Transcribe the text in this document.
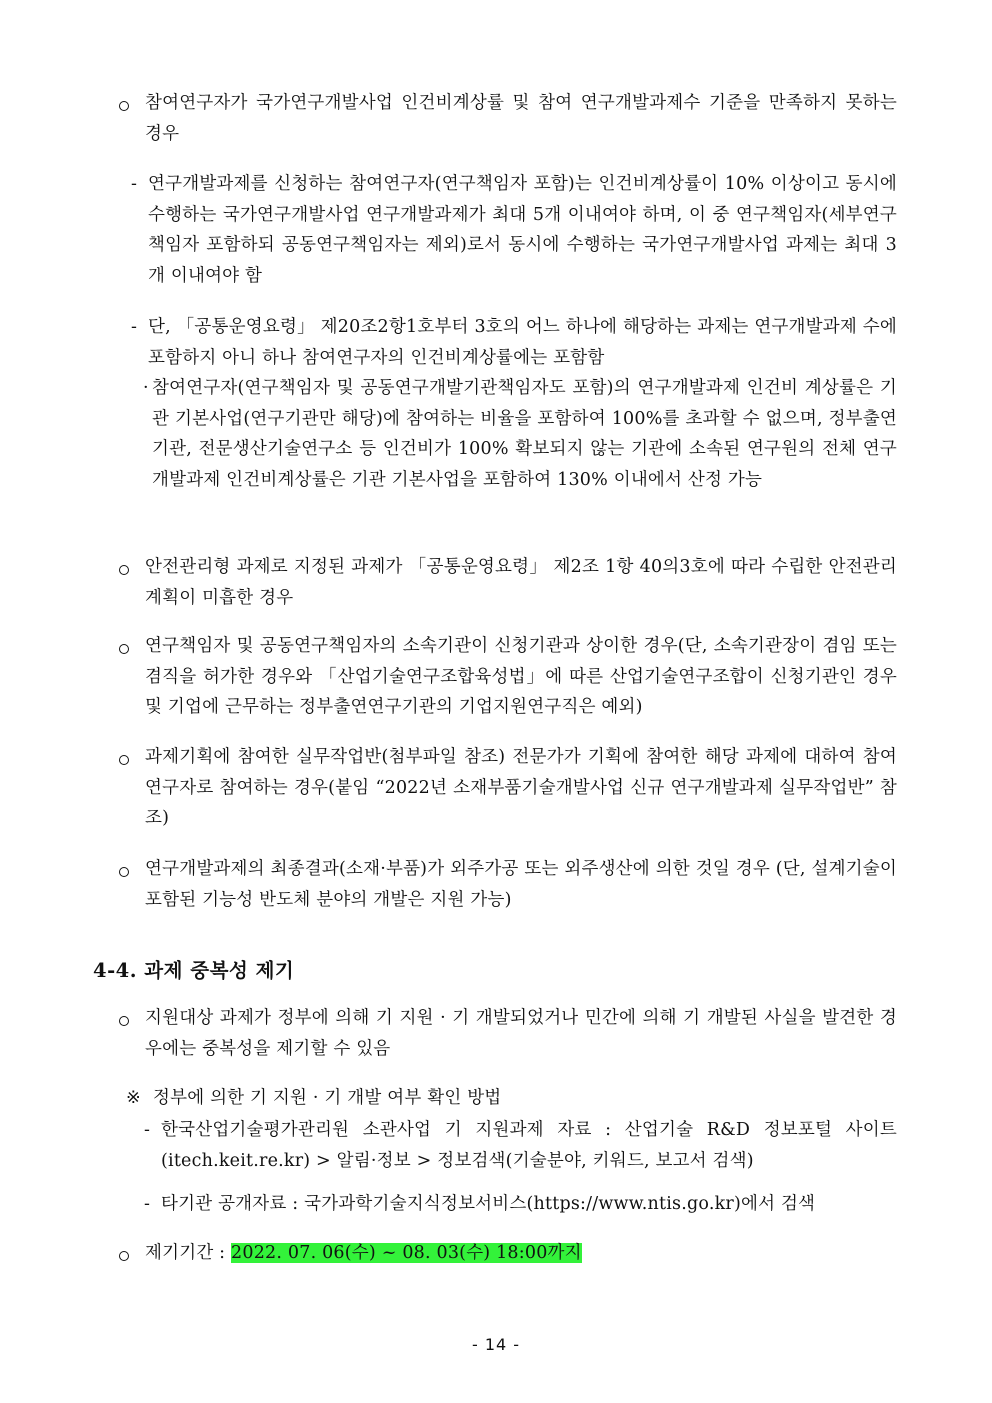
참여연구자가 국가연구개발사업 인건비계상률 및 참여 연구개발과제수 기준을 만족하지 못하는 경우

- 연구개발과제를 신청하는 참여연구자(연구책임자 포함)는 인건비계상률이 10% 이상이고 동시에 수행하는 국가연구개발사업 연구개발과제가 최대 5개 이내여야 하며, 이 중 연구책임자(세부연구책임자 포함하되 공동연구책임자는 제외)로서 동시에 수행하는 국가연구개발사업 과제는 최대 3개 이내여야 함

- 단, 「공통운영요령」 제20조2항1호부터 3호의 어느 하나에 해당하는 과제는 연구개발과제 수에 포함하지 아니 하나 참여연구자의 인건비계상률에는 포함함

· 참여연구자(연구책임자 및 공동연구개발기관책임자도 포함)의 연구개발과제 인건비 계상률은 기관 기본사업(연구기관만 해당)에 참여하는 비율을 포함하여 100%를 초과할 수 없으며, 정부출연기관, 전문생산기술연구소 등 인건비가 100% 확보되지 않는 기관에 소속된 연구원의 전체 연구개발과제 인건비계상률은 기관 기본사업을 포함하여 130% 이내에서 산정 가능

안전관리형 과제로 지정된 과제가 「공통운영요령」 제2조 1항 40의3호에 따라 수립한 안전관리 계획이 미흡한 경우

연구책임자 및 공동연구책임자의 소속기관이 신청기관과 상이한 경우(단, 소속기관장이 겸임 또는 겸직을 허가한 경우와 「산업기술연구조합육성법」에 따른 산업기술연구조합이 신청기관인 경우 및 기업에 근무하는 정부출연연구기관의 기업지원연구직은 예외)

과제기획에 참여한 실무작업반(첨부파일 참조) 전문가가 기획에 참여한 해당 과제에 대하여 참여연구자로 참여하는 경우(붙임 “2022년 소재부품기술개발사업 신규 연구개발과제 실무작업반” 참조)

연구개발과제의 최종결과(소재·부품)가 외주가공 또는 외주생산에 의한 것일 경우 (단, 설계기술이 포함된 기능성 반도체 분야의 개발은 지원 가능)

4-4. 과제 중복성 제기

지원대상 과제가 정부에 의해 기 지원 · 기 개발되었거나 민간에 의해 기 개발된 사실을 발견한 경우에는 중복성을 제기할 수 있음

※ 정부에 의한 기 지원 · 기 개발 여부 확인 방법

- 한국산업기술평가관리원 소관사업 기 지원과제 자료 : 산업기술 R&D 정보포털 사이트 (itech.keit.re.kr) > 알림·정보 > 정보검색(기술분야, 키워드, 보고서 검색)

- 타기관 공개자료 : 국가과학기술지식정보서비스(https://www.ntis.go.kr)에서 검색

제기기간 : 2022. 07. 06(수) ~ 08. 03(수) 18:00까지

- 14 -
